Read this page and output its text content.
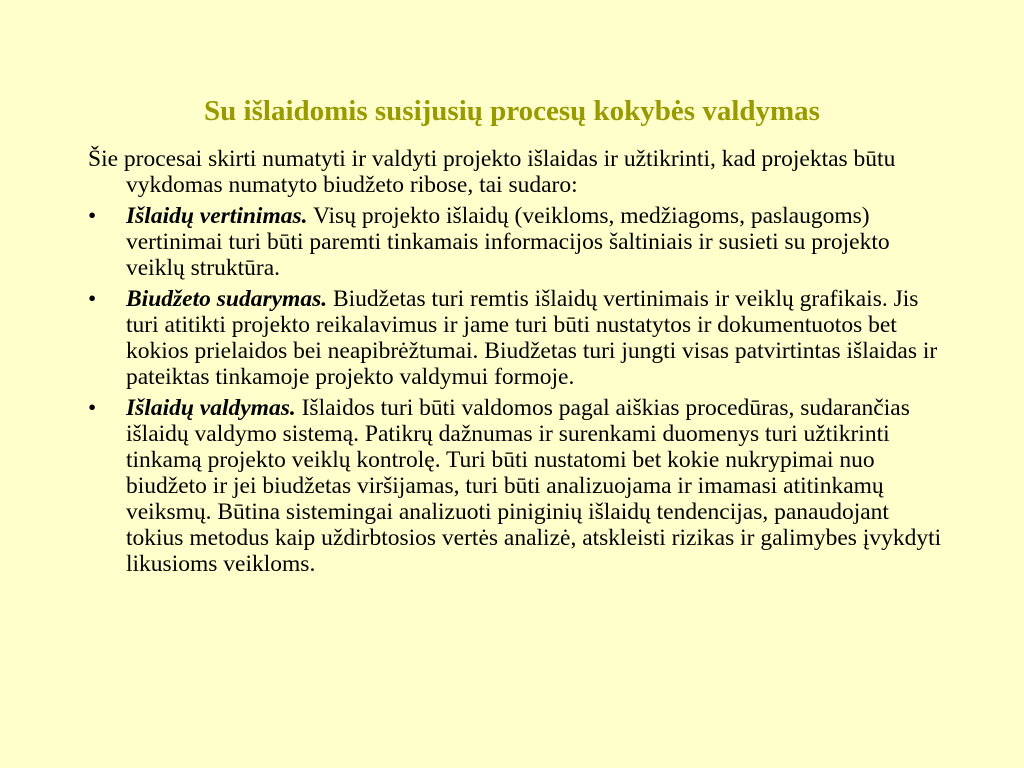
Su išlaidomis susijusių procesų kokybės valdymas

Šie procesai skirti numatyti ir valdyti projekto išlaidas ir užtikrinti, kad projektas būtu vykdomas numatyto biudžeto ribose, tai sudaro:

•	Išlaidų vertinimas. Visų projekto išlaidų (veikloms, medžiagoms, paslaugoms) vertinimai turi būti paremti tinkamais informacijos šaltiniais ir susieti su projekto veiklų struktūra.
•	Biudžeto sudarymas. Biudžetas turi remtis išlaidų vertinimais ir veiklų grafikais. Jis turi atitikti projekto reikalavimus ir jame turi būti nustatytos ir dokumentuotos bet kokios prielaidos bei neapibrėžtumai. Biudžetas turi jungti visas patvirtintas išlaidas ir pateiktas tinkamoje projekto valdymui formoje.
•	Išlaidų valdymas. Išlaidos turi būti valdomos pagal aiškias procedūras, sudarančias išlaidų valdymo sistemą. Patikrų dažnumas ir surenkami duomenys turi užtikrinti tinkamą projekto veiklų kontrolę. Turi būti nustatomi bet kokie nukrypimai nuo biudžeto ir jei biudžetas viršijamas, turi būti analizuojama ir imamasi atitinkamų veiksmų. Būtina sistemingai analizuoti piniginių išlaidų tendencijas, panaudojant tokius metodus kaip uždirbtosios vertės analizė, atskleisti rizikas ir galimybes įvykdyti likusioms veikloms.
